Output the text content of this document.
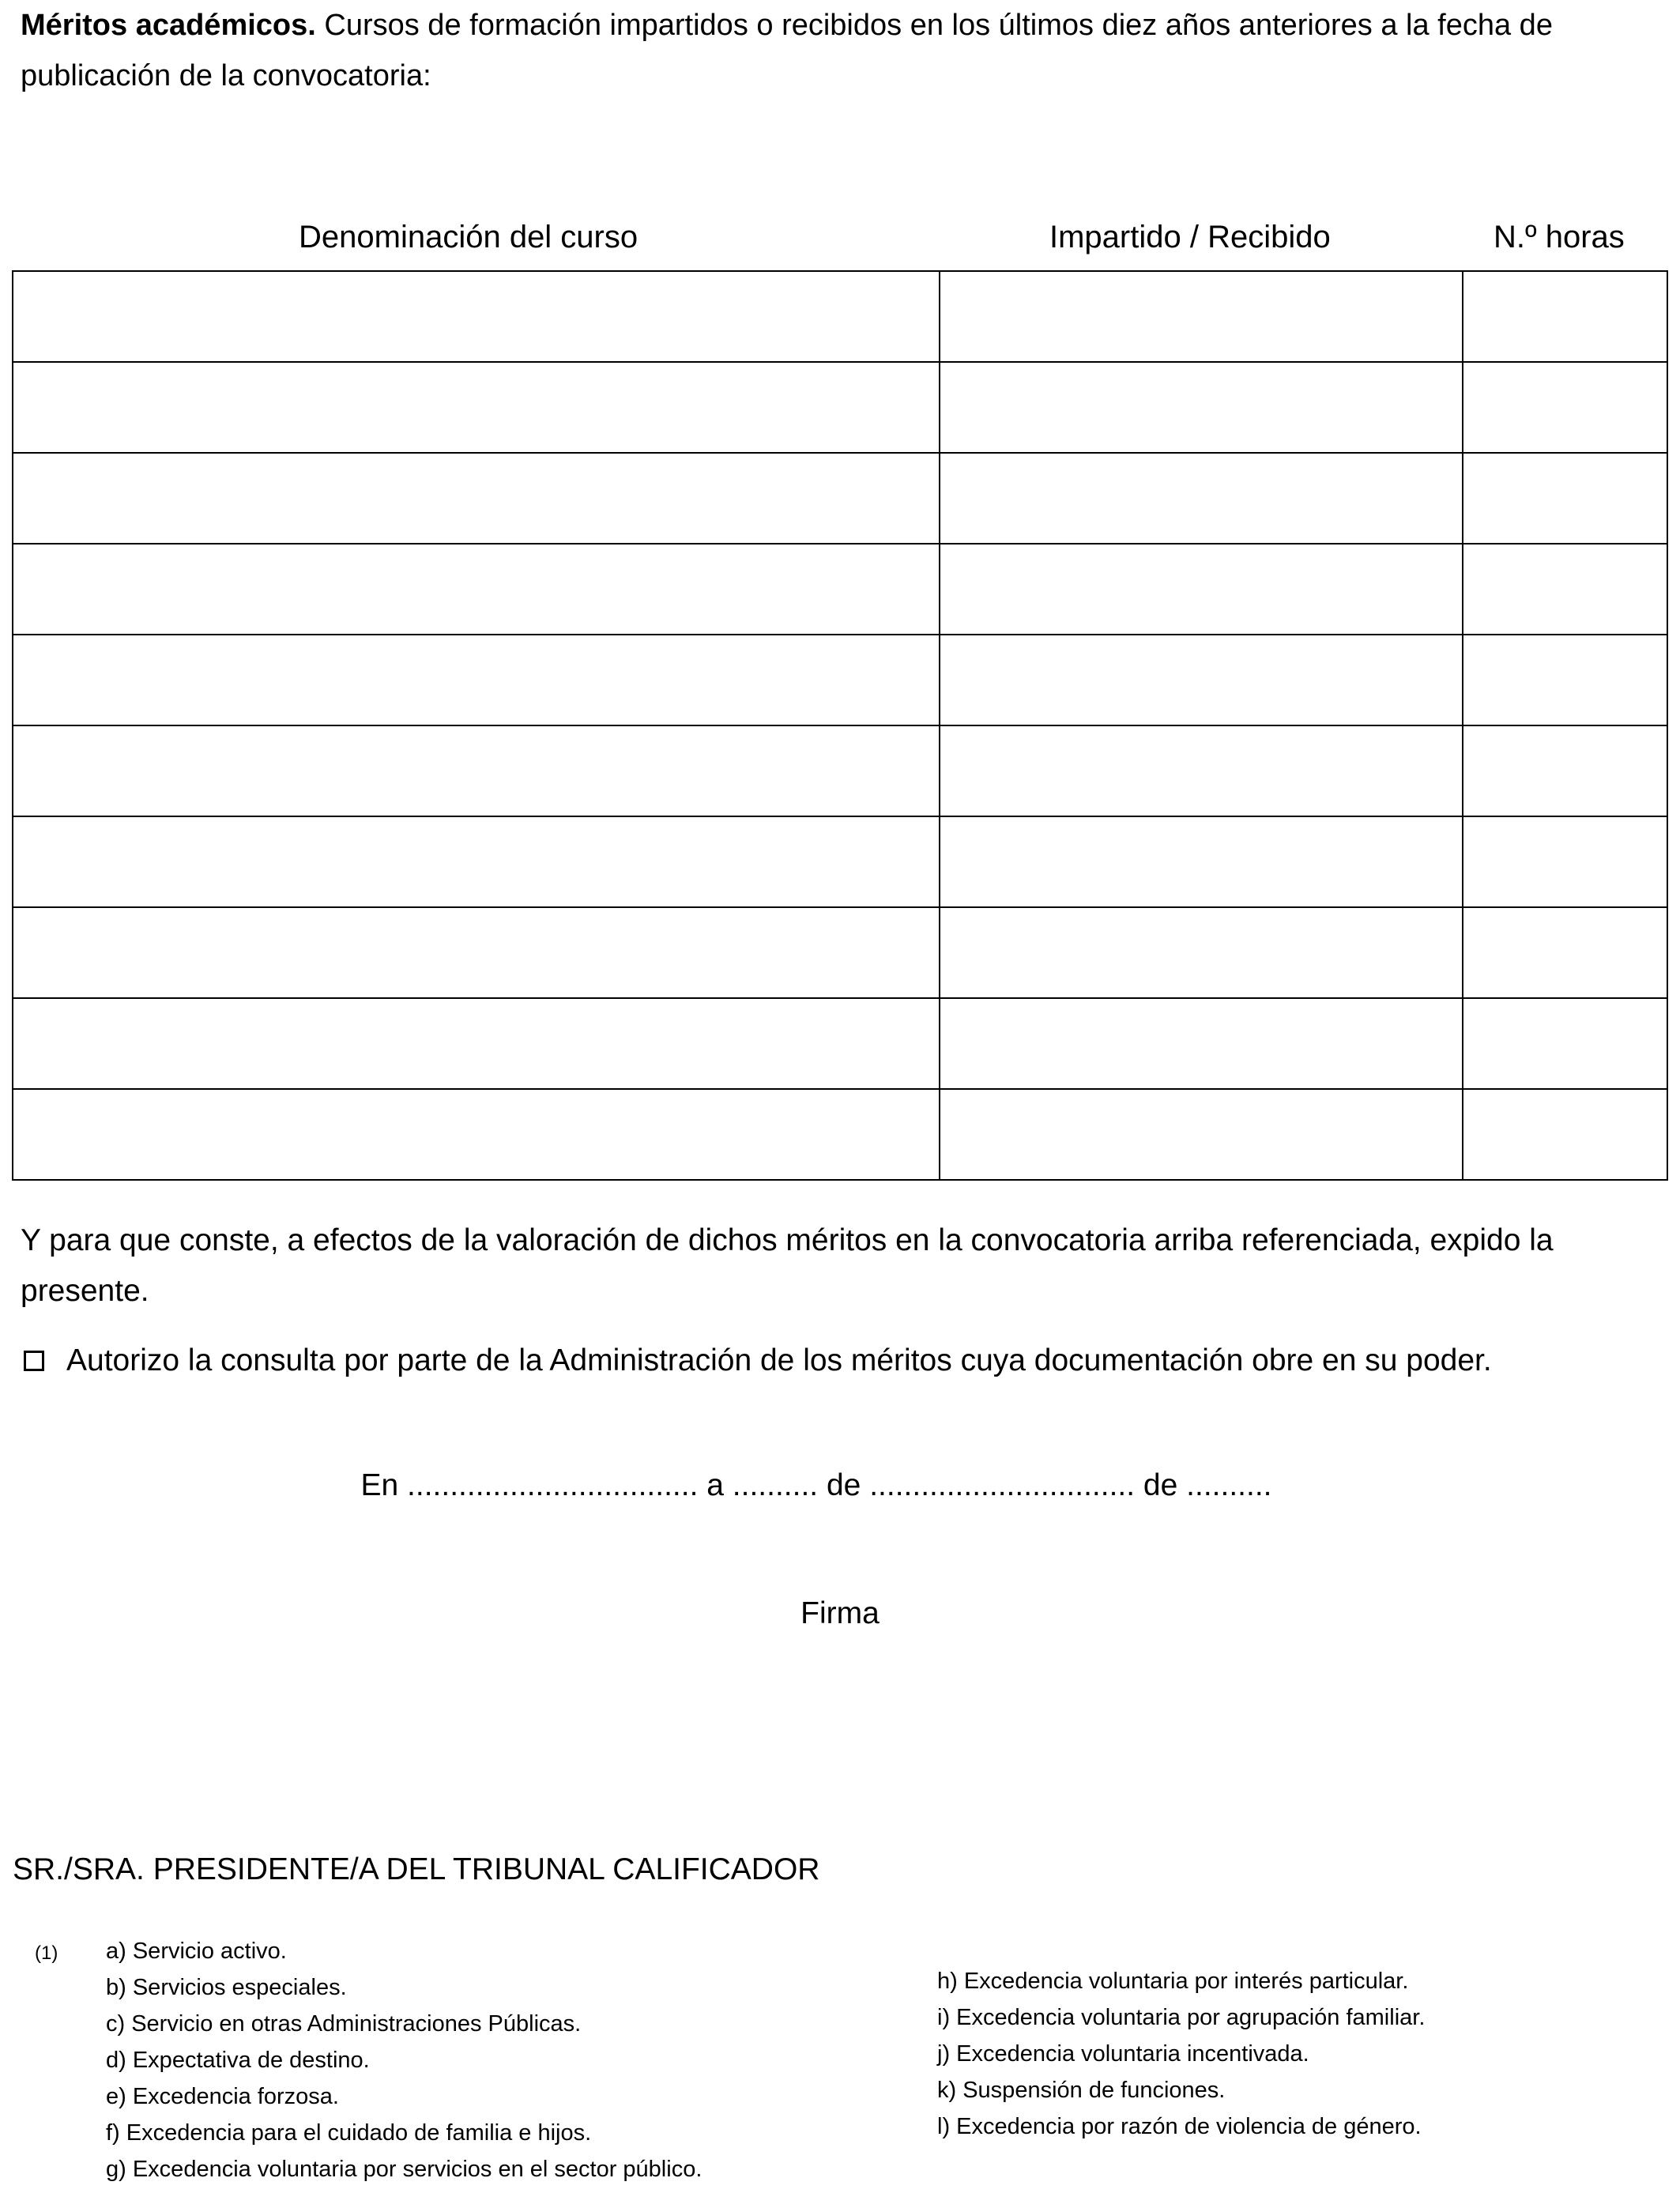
Méritos académicos. Cursos de formación impartidos o recibidos en los últimos diez años anteriores a la fecha de publicación de la convocatoria:
Denominación del curso	Impartido / Recibido	N.º horas

Y para que conste, a efectos de la valoración de dichos méritos en la convocatoria arriba referenciada, expido la presente.
Autorizo la consulta por parte de la Administración de los méritos cuya documentación obre en su poder.
En .................................. a .......... de ............................... de ..........
Firma
SR./SRA. PRESIDENTE/A DEL TRIBUNAL CALIFICADOR
(1) a) Servicio activo.
b) Servicios especiales.
c) Servicio en otras Administraciones Públicas.
d) Expectativa de destino.
e) Excedencia forzosa.
f) Excedencia para el cuidado de familia e hijos.
g) Excedencia voluntaria por servicios en el sector público.
h) Excedencia voluntaria por interés particular.
i) Excedencia voluntaria por agrupación familiar.
j) Excedencia voluntaria incentivada.
k) Suspensión de funciones.
l) Excedencia por razón de violencia de género.
